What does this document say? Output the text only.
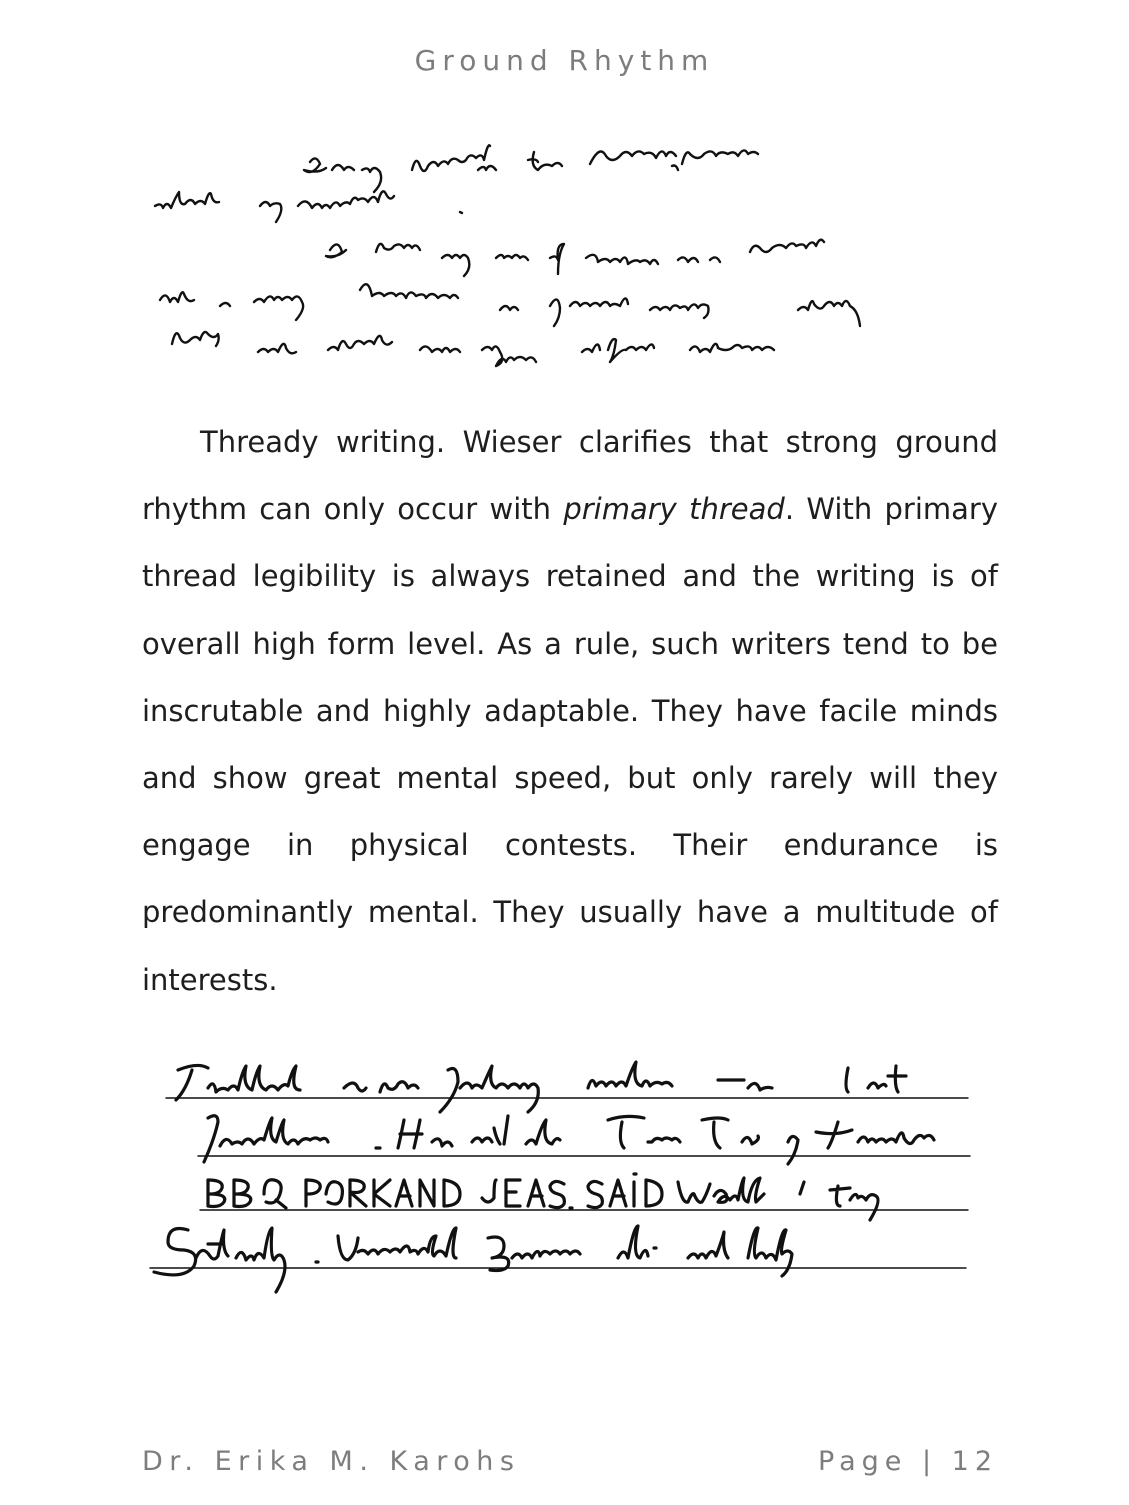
Ground Rhythm

Thready writing. Wieser clarifies that strong ground rhythm can only occur with primary thread. With primary thread legibility is always retained and the writing is of overall high form level. As a rule, such writers tend to be inscrutable and highly adaptable. They have facile minds and show great mental speed, but only rarely will they engage in physical contests. Their endurance is predominantly mental. They usually have a multitude of interests.

Dr. Erika M. Karohs	Page | 12
